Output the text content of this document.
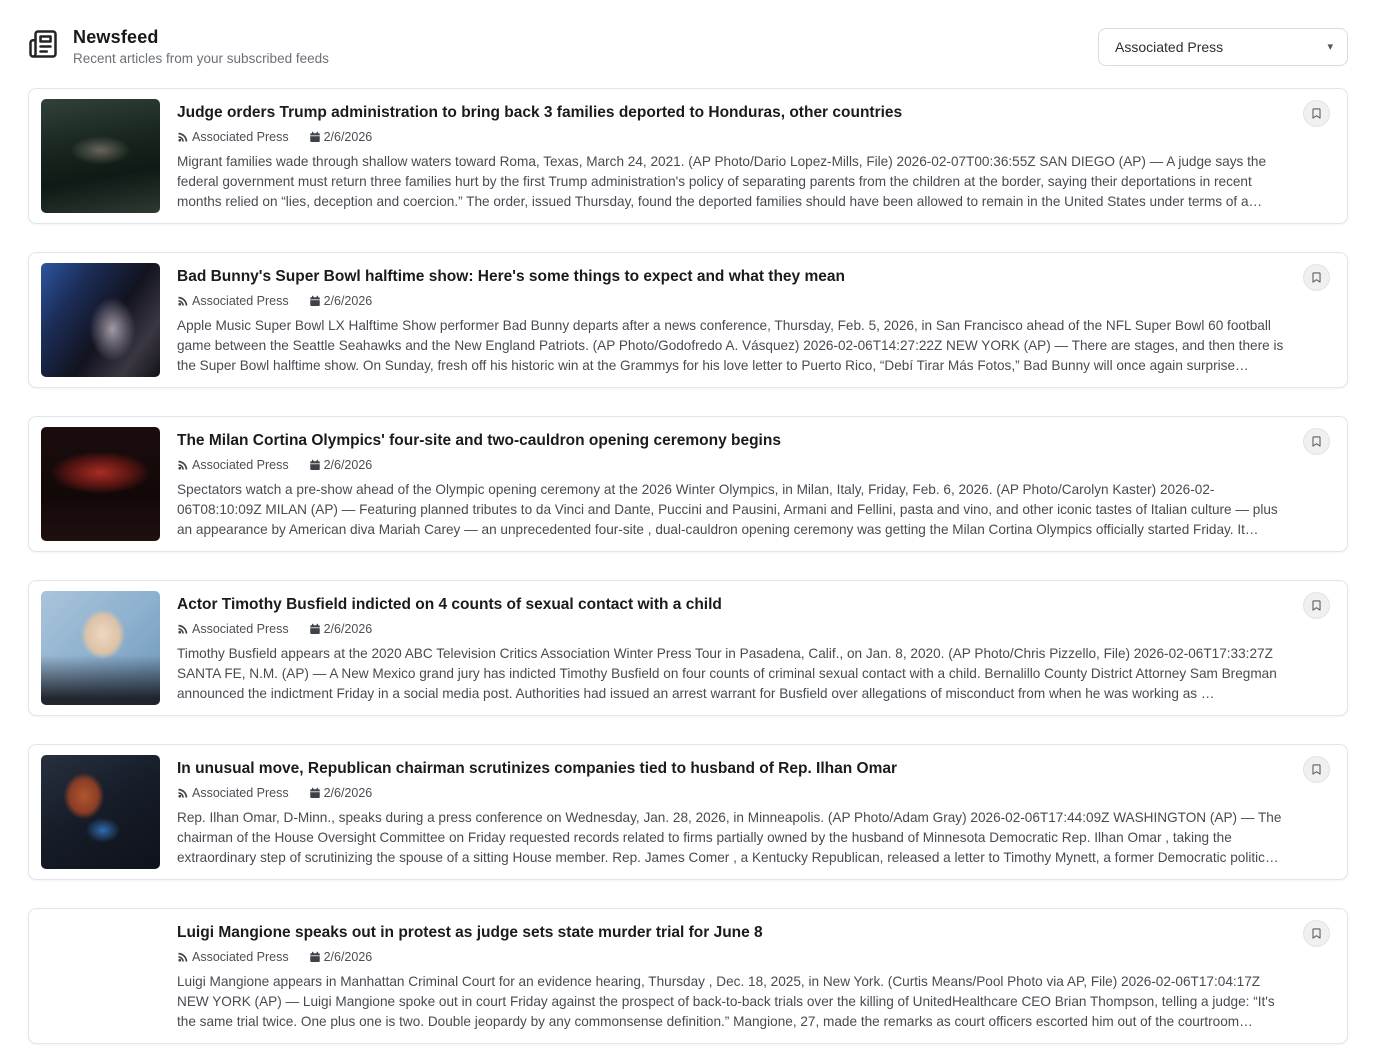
Newsfeed

Recent articles from your subscribed feeds

Associated Press	▾
Judge orders Trump administration to bring back 3 families deported to Honduras, other countries
Associated Press	2/6/2026

Migrant families wade through shallow waters toward Roma, Texas, March 24, 2021. (AP Photo/Dario Lopez-Mills, File) 2026-02-07T00:36:55Z SAN DIEGO (AP) — A judge says the federal government must return three families hurt by the first Trump administration's policy of separating parents from the children at the border, saying their deportations in recent months relied on “lies, deception and coercion.” The order, issued Thursday, found the deported families should have been allowed to remain in the United States under terms of a…

Bad Bunny's Super Bowl halftime show: Here's some things to expect and what they mean
Associated Press	2/6/2026

Apple Music Super Bowl LX Halftime Show performer Bad Bunny departs after a news conference, Thursday, Feb. 5, 2026, in San Francisco ahead of the NFL Super Bowl 60 football game between the Seattle Seahawks and the New England Patriots. (AP Photo/Godofredo A. Vásquez) 2026-02-06T14:27:22Z NEW YORK (AP) — There are stages, and then there is the Super Bowl halftime show. On Sunday, fresh off his historic win at the Grammys for his love letter to Puerto Rico, “Debí Tirar Más Fotos,” Bad Bunny will once again surprise…

The Milan Cortina Olympics' four-site and two-cauldron opening ceremony begins
Associated Press	2/6/2026

Spectators watch a pre-show ahead of the Olympic opening ceremony at the 2026 Winter Olympics, in Milan, Italy, Friday, Feb. 6, 2026. (AP Photo/Carolyn Kaster) 2026-02-06T08:10:09Z MILAN (AP) — Featuring planned tributes to da Vinci and Dante, Puccini and Pausini, Armani and Fellini, pasta and vino, and other iconic tastes of Italian culture — plus an appearance by American diva Mariah Carey — an unprecedented four-site , dual-cauldron opening ceremony was getting the Milan Cortina Olympics officially started Friday. It…

Actor Timothy Busfield indicted on 4 counts of sexual contact with a child
Associated Press	2/6/2026

Timothy Busfield appears at the 2020 ABC Television Critics Association Winter Press Tour in Pasadena, Calif., on Jan. 8, 2020. (AP Photo/Chris Pizzello, File) 2026-02-06T17:33:27Z SANTA FE, N.M. (AP) — A New Mexico grand jury has indicted Timothy Busfield on four counts of criminal sexual contact with a child. Bernalillo County District Attorney Sam Bregman announced the indictment Friday in a social media post. Authorities had issued an arrest warrant for Busfield over allegations of misconduct from when he was working as …

In unusual move, Republican chairman scrutinizes companies tied to husband of Rep. Ilhan Omar
Associated Press	2/6/2026

Rep. Ilhan Omar, D-Minn., speaks during a press conference on Wednesday, Jan. 28, 2026, in Minneapolis. (AP Photo/Adam Gray) 2026-02-06T17:44:09Z WASHINGTON (AP) — The chairman of the House Oversight Committee on Friday requested records related to firms partially owned by the husband of Minnesota Democratic Rep. Ilhan Omar , taking the extraordinary step of scrutinizing the spouse of a sitting House member. Rep. James Comer , a Kentucky Republican, released a letter to Timothy Mynett, a former Democratic politic…

Luigi Mangione speaks out in protest as judge sets state murder trial for June 8
Associated Press	2/6/2026

Luigi Mangione appears in Manhattan Criminal Court for an evidence hearing, Thursday , Dec. 18, 2025, in New York. (Curtis Means/Pool Photo via AP, File) 2026-02-06T17:04:17Z NEW YORK (AP) — Luigi Mangione spoke out in court Friday against the prospect of back-to-back trials over the killing of UnitedHealthcare CEO Brian Thompson, telling a judge: “It's the same trial twice. One plus one is two. Double jeopardy by any commonsense definition.” Mangione, 27, made the remarks as court officers escorted him out of the courtroom…
